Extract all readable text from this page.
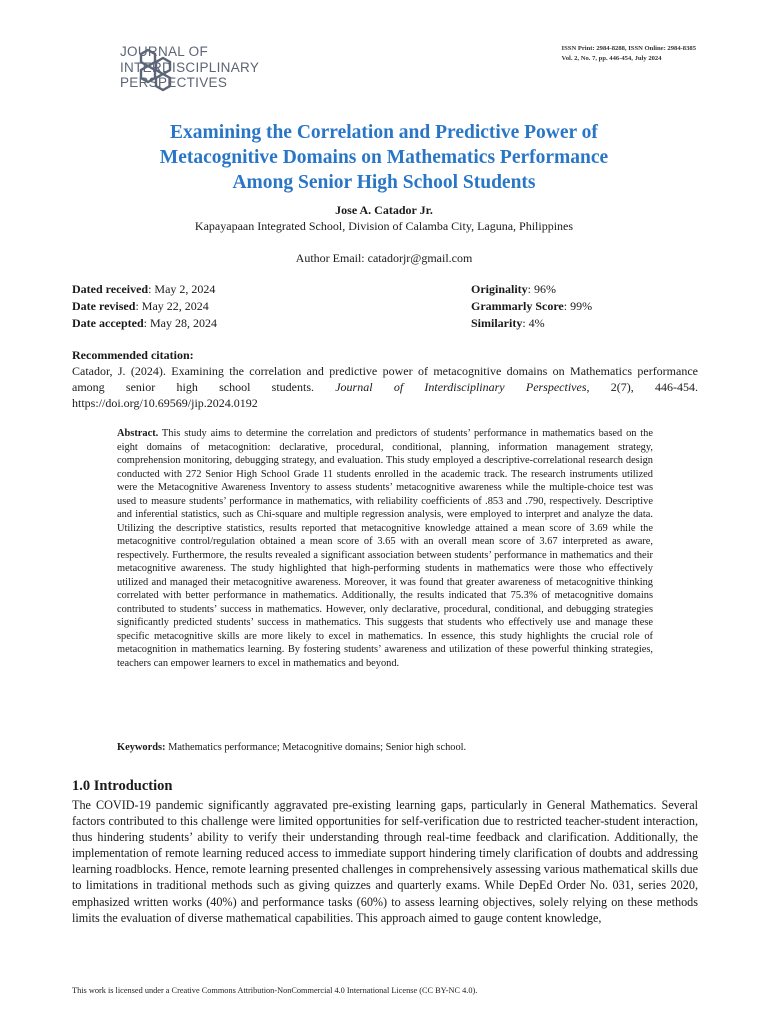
JOURNAL OF
INTERDISCIPLINARY
PERSPECTIVES
ISSN Print: 2984-8288, ISSN Online: 2984-8385
Vol. 2, No. 7, pp. 446-454, July 2024
Examining the Correlation and Predictive Power of
Metacognitive Domains on Mathematics Performance
Among Senior High School Students
Jose A. Catador Jr.
Kapayapaan Integrated School, Division of Calamba City, Laguna, Philippines
Author Email: catadorjr@gmail.com
Dated received: May 2, 2024
Date revised: May 22, 2024
Date accepted: May 28, 2024
Originality: 96%
Grammarly Score: 99%
Similarity: 4%
Recommended citation:
Catador, J. (2024). Examining the correlation and predictive power of metacognitive domains on Mathematics performance among senior high school students. Journal of Interdisciplinary Perspectives, 2(7), 446-454. https://doi.org/10.69569/jip.2024.0192
Abstract. This study aims to determine the correlation and predictors of students’ performance in mathematics based on the eight domains of metacognition: declarative, procedural, conditional, planning, information management strategy, comprehension monitoring, debugging strategy, and evaluation. This study employed a descriptive-correlational research design conducted with 272 Senior High School Grade 11 students enrolled in the academic track. The research instruments utilized were the Metacognitive Awareness Inventory to assess students’ metacognitive awareness while the multiple-choice test was used to measure students’ performance in mathematics, with reliability coefficients of .853 and .790, respectively. Descriptive and inferential statistics, such as Chi-square and multiple regression analysis, were employed to interpret and analyze the data. Utilizing the descriptive statistics, results reported that metacognitive knowledge attained a mean score of 3.69 while the metacognitive control/regulation obtained a mean score of 3.65 with an overall mean score of 3.67 interpreted as aware, respectively. Furthermore, the results revealed a significant association between students’ performance in mathematics and their metacognitive awareness. The study highlighted that high-performing students in mathematics were those who effectively utilized and managed their metacognitive awareness. Moreover, it was found that greater awareness of metacognitive thinking correlated with better performance in mathematics. Additionally, the results indicated that 75.3% of metacognitive domains contributed to students’ success in mathematics. However, only declarative, procedural, conditional, and debugging strategies significantly predicted students’ success in mathematics. This suggests that students who effectively use and manage these specific metacognitive skills are more likely to excel in mathematics. In essence, this study highlights the crucial role of metacognition in mathematics learning. By fostering students’ awareness and utilization of these powerful thinking strategies, teachers can empower learners to excel in mathematics and beyond.
Keywords: Mathematics performance; Metacognitive domains; Senior high school.
1.0 Introduction
The COVID-19 pandemic significantly aggravated pre-existing learning gaps, particularly in General Mathematics. Several factors contributed to this challenge were limited opportunities for self-verification due to restricted teacher-student interaction, thus hindering students’ ability to verify their understanding through real-time feedback and clarification. Additionally, the implementation of remote learning reduced access to immediate support hindering timely clarification of doubts and addressing learning roadblocks. Hence, remote learning presented challenges in comprehensively assessing various mathematical skills due to limitations in traditional methods such as giving quizzes and quarterly exams. While DepEd Order No. 031, series 2020, emphasized written works (40%) and performance tasks (60%) to assess learning objectives, solely relying on these methods limits the evaluation of diverse mathematical capabilities. This approach aimed to gauge content knowledge,
This work is licensed under a Creative Commons Attribution-NonCommercial 4.0 International License (CC BY-NC 4.0).
